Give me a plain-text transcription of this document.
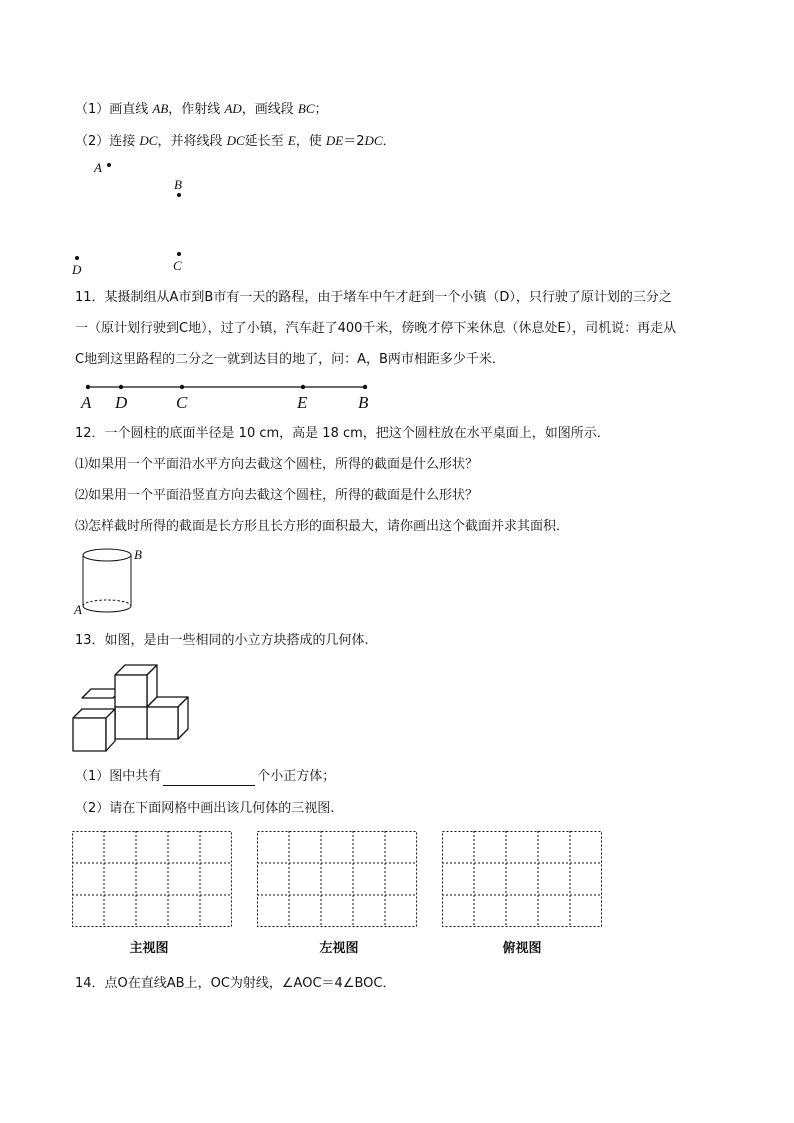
（1）画直线 AB，作射线 AD，画线段 BC；
（2）连接 DC，并将线段 DC延长至 E，使 DE＝2DC．
A
B
D	C
11．某摄制组从A市到B市有一天的路程，由于堵车中午才赶到一个小镇（D），只行驶了原计划的三分之
一（原计划行驶到C地），过了小镇，汽车赶了400千米，傍晚才停下来休息（休息处E），司机说：再走从
C地到这里路程的二分之一就到达目的地了，问：A，B两市相距多少千米．
A D	C	E	B
12．一个圆柱的底面半径是 10 cm，高是 18 cm，把这个圆柱放在水平桌面上，如图所示．
⑴如果用一个平面沿水平方向去截这个圆柱，所得的截面是什么形状？
⑵如果用一个平面沿竖直方向去截这个圆柱，所得的截面是什么形状？
⑶怎样截时所得的截面是长方形且长方形的面积最大，请你画出这个截面并求其面积．
B
A
13．如图，是由一些相同的小立方块搭成的几何体.
（1）图中共有	个小正方体；
（2）请在下面网格中画出该几何体的三视图.
主视图	左视图	俯视图
14．点O在直线AB上，OC为射线，∠AOC＝4∠BOC．
